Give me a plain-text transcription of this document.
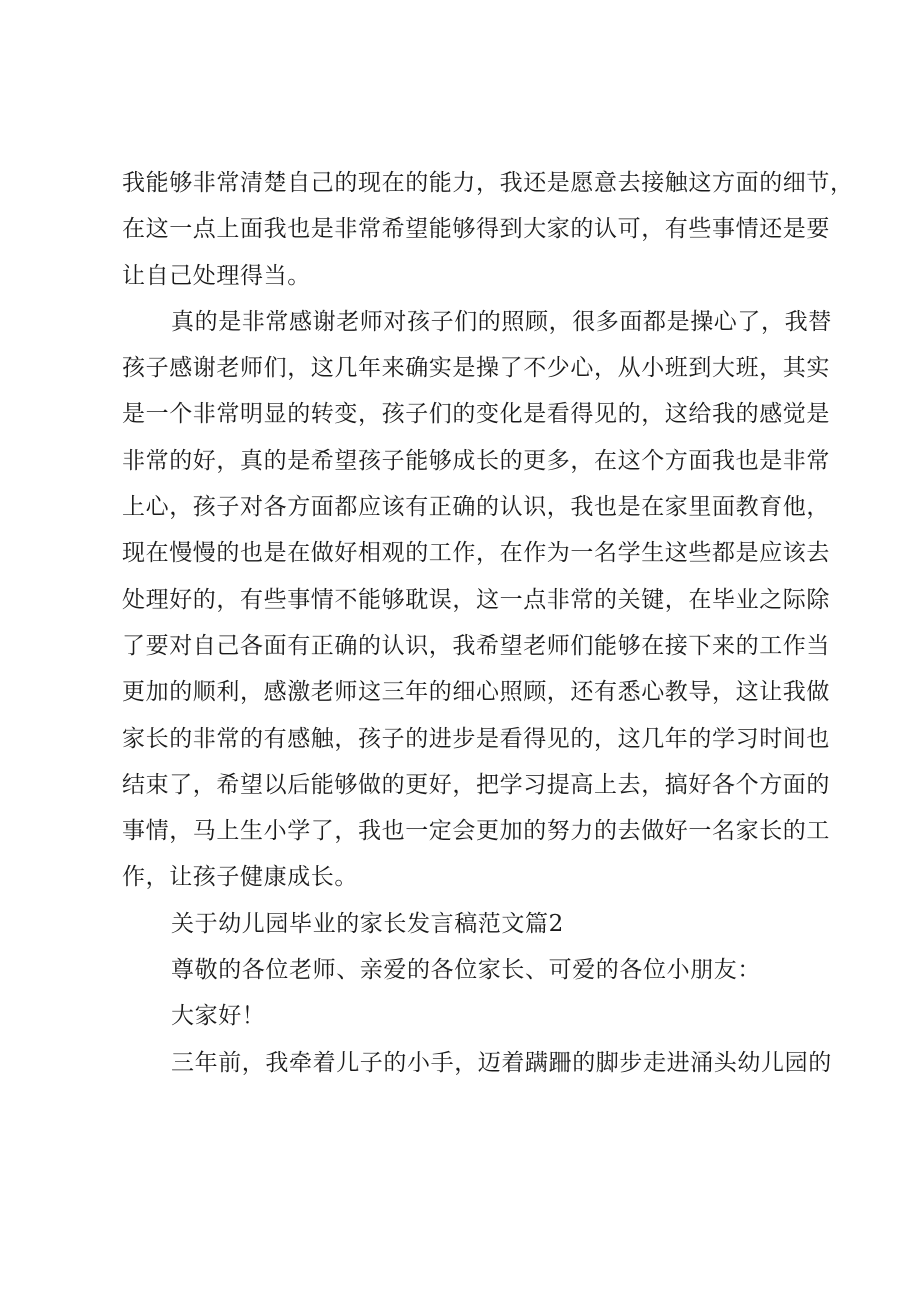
我能够非常清楚自己的现在的能力，我还是愿意去接触这方面的细节，
在这一点上面我也是非常希望能够得到大家的认可，有些事情还是要
让自己处理得当。
真的是非常感谢老师对孩子们的照顾，很多面都是操心了，我替
孩子感谢老师们，这几年来确实是操了不少心，从小班到大班，其实
是一个非常明显的转变，孩子们的变化是看得见的，这给我的感觉是
非常的好，真的是希望孩子能够成长的更多，在这个方面我也是非常
上心，孩子对各方面都应该有正确的认识，我也是在家里面教育他，
现在慢慢的也是在做好相观的工作，在作为一名学生这些都是应该去
处理好的，有些事情不能够耽误，这一点非常的关键，在毕业之际除
了要对自己各面有正确的认识，我希望老师们能够在接下来的工作当
更加的顺利，感激老师这三年的细心照顾，还有悉心教导，这让我做
家长的非常的有感触，孩子的进步是看得见的，这几年的学习时间也
结束了，希望以后能够做的更好，把学习提高上去，搞好各个方面的
事情，马上生小学了，我也一定会更加的努力的去做好一名家长的工
作，让孩子健康成长。
关于幼儿园毕业的家长发言稿范文篇2
尊敬的各位老师、亲爱的各位家长、可爱的各位小朋友：
大家好！
三年前，我牵着儿子的小手，迈着蹒跚的脚步走进涌头幼儿园的
